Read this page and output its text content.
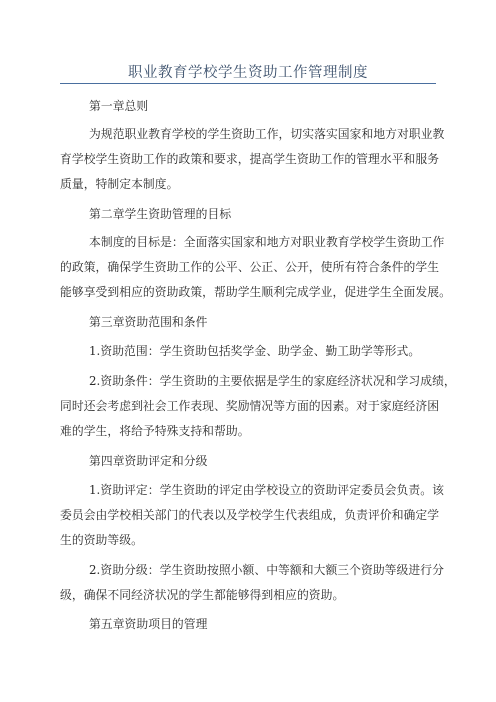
职业教育学校学生资助工作管理制度
第一章总则
为规范职业教育学校的学生资助工作，切实落实国家和地方对职业教
育学校学生资助工作的政策和要求，提高学生资助工作的管理水平和服务
质量，特制定本制度。
第二章学生资助管理的目标
本制度的目标是：全面落实国家和地方对职业教育学校学生资助工作
的政策，确保学生资助工作的公平、公正、公开，使所有符合条件的学生
能够享受到相应的资助政策，帮助学生顺利完成学业，促进学生全面发展。
第三章资助范围和条件
1.资助范围：学生资助包括奖学金、助学金、勤工助学等形式。
2.资助条件：学生资助的主要依据是学生的家庭经济状况和学习成绩，
同时还会考虑到社会工作表现、奖励情况等方面的因素。对于家庭经济困
难的学生，将给予特殊支持和帮助。
第四章资助评定和分级
1.资助评定：学生资助的评定由学校设立的资助评定委员会负责。该
委员会由学校相关部门的代表以及学校学生代表组成，负责评价和确定学
生的资助等级。
2.资助分级：学生资助按照小额、中等额和大额三个资助等级进行分
级，确保不同经济状况的学生都能够得到相应的资助。
第五章资助项目的管理
